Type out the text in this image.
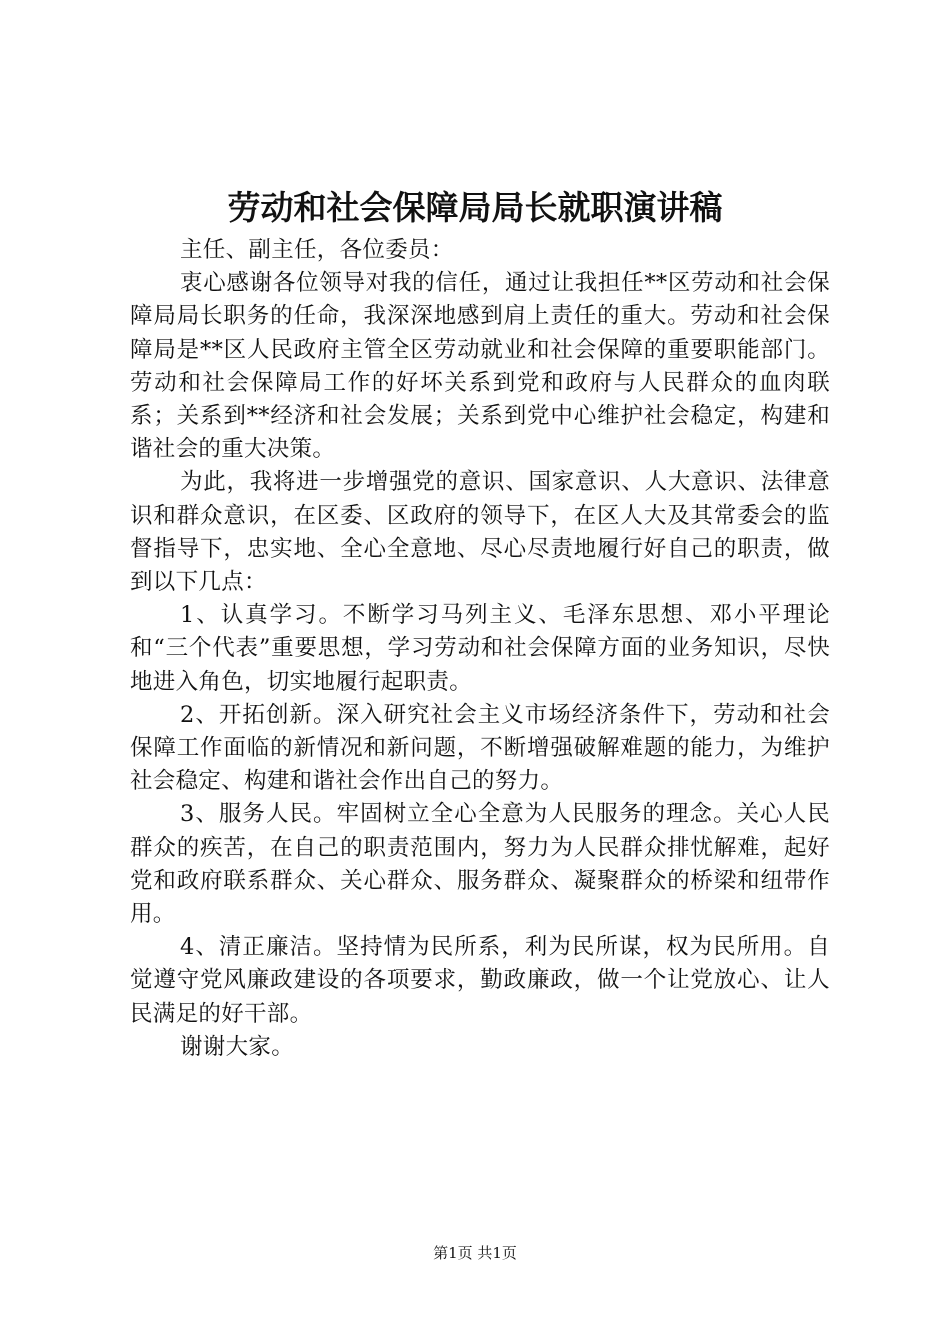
劳动和社会保障局局长就职演讲稿

主任、副主任，各位委员：

衷心感谢各位领导对我的信任，通过让我担任**区劳动和社会保障局局长职务的任命，我深深地感到肩上责任的重大。劳动和社会保障局是**区人民政府主管全区劳动就业和社会保障的重要职能部门。劳动和社会保障局工作的好坏关系到党和政府与人民群众的血肉联系；关系到**经济和社会发展；关系到党中心维护社会稳定，构建和谐社会的重大决策。

为此，我将进一步增强党的意识、国家意识、人大意识、法律意识和群众意识，在区委、区政府的领导下，在区人大及其常委会的监督指导下，忠实地、全心全意地、尽心尽责地履行好自己的职责，做到以下几点：

1、认真学习。不断学习马列主义、毛泽东思想、邓小平理论和“三个代表”重要思想，学习劳动和社会保障方面的业务知识，尽快地进入角色，切实地履行起职责。

2、开拓创新。深入研究社会主义市场经济条件下，劳动和社会保障工作面临的新情况和新问题，不断增强破解难题的能力，为维护社会稳定、构建和谐社会作出自己的努力。

3、服务人民。牢固树立全心全意为人民服务的理念。关心人民群众的疾苦，在自己的职责范围内，努力为人民群众排忧解难，起好党和政府联系群众、关心群众、服务群众、凝聚群众的桥梁和纽带作用。

4、清正廉洁。坚持情为民所系，利为民所谋，权为民所用。自觉遵守党风廉政建设的各项要求，勤政廉政，做一个让党放心、让人民满足的好干部。

谢谢大家。

第1页 共1页
